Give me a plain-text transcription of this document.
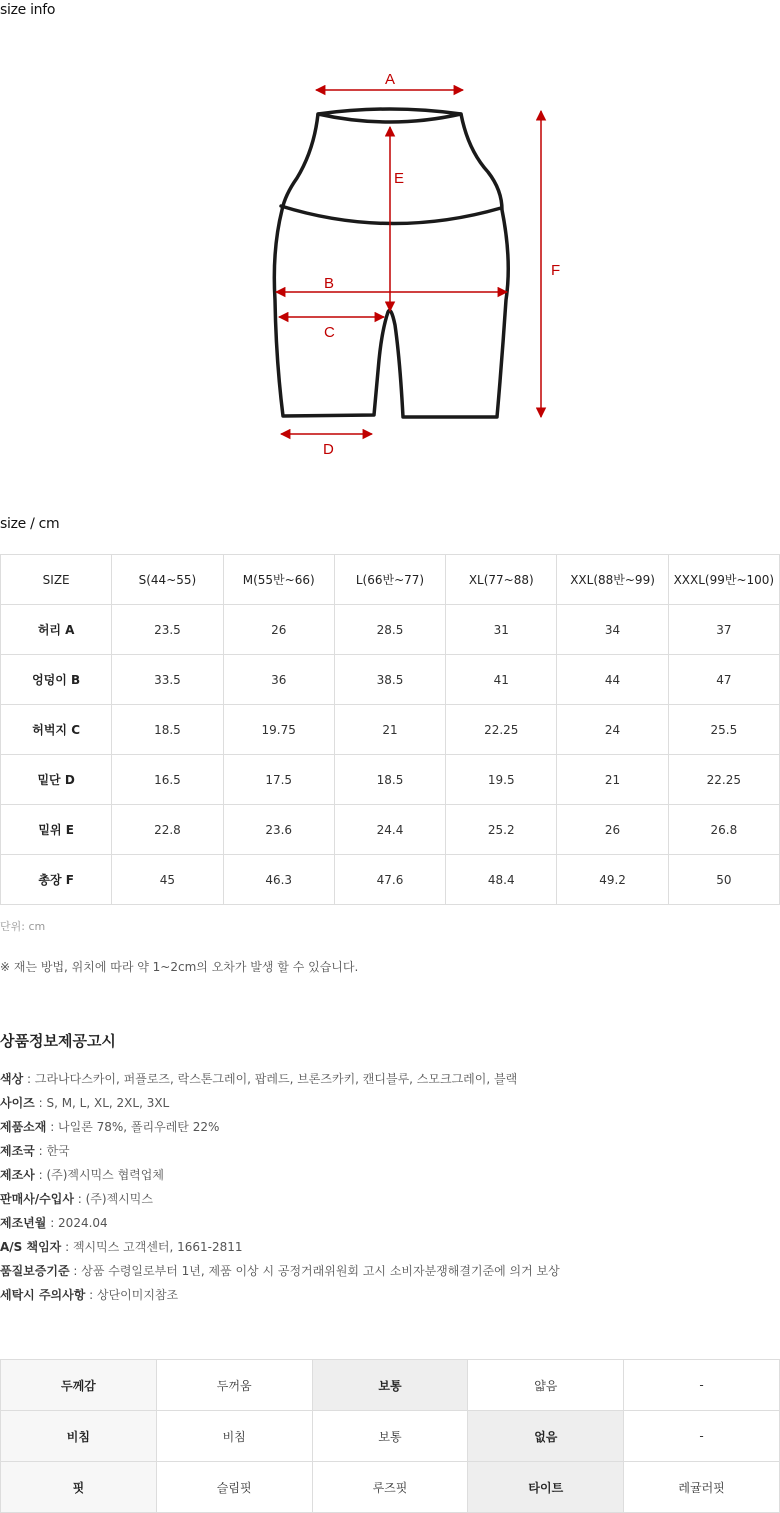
size info
A
E
B
C
D
F
size / cm
SIZE	S(44~55)	M(55반~66)	L(66반~77)	XL(77~88)	XXL(88반~99)	XXXL(99반~100)
허리 A	23.5	26	28.5	31	34	37
엉덩이 B	33.5	36	38.5	41	44	47
허벅지 C	18.5	19.75	21	22.25	24	25.5
밑단 D	16.5	17.5	18.5	19.5	21	22.25
밑위 E	22.8	23.6	24.4	25.2	26	26.8
총장 F	45	46.3	47.6	48.4	49.2	50
단위: cm
※ 재는 방법, 위치에 따라 약 1~2cm의 오차가 발생 할 수 있습니다.
상품정보제공고시
색상 : 그라나다스카이, 퍼플로즈, 락스톤그레이, 팝레드, 브론즈카키, 캔디블루, 스모크그레이, 블랙
사이즈 : S, M, L, XL, 2XL, 3XL
제품소재 : 나일론 78%, 폴리우레탄 22%
제조국 : 한국
제조사 : (주)젝시믹스 협력업체
판매사/수입사 : (주)젝시믹스
제조년월 : 2024.04
A/S 책임자 : 젝시믹스 고객센터, 1661-2811
품질보증기준 : 상품 수령일로부터 1년, 제품 이상 시 공정거래위원회 고시 소비자분쟁해결기준에 의거 보상
세탁시 주의사항 : 상단이미지참조
두께감	두꺼움	보통	얇음	-
비침	비침	보통	없음	-
핏	슬림핏	루즈핏	타이트	레귤러핏
